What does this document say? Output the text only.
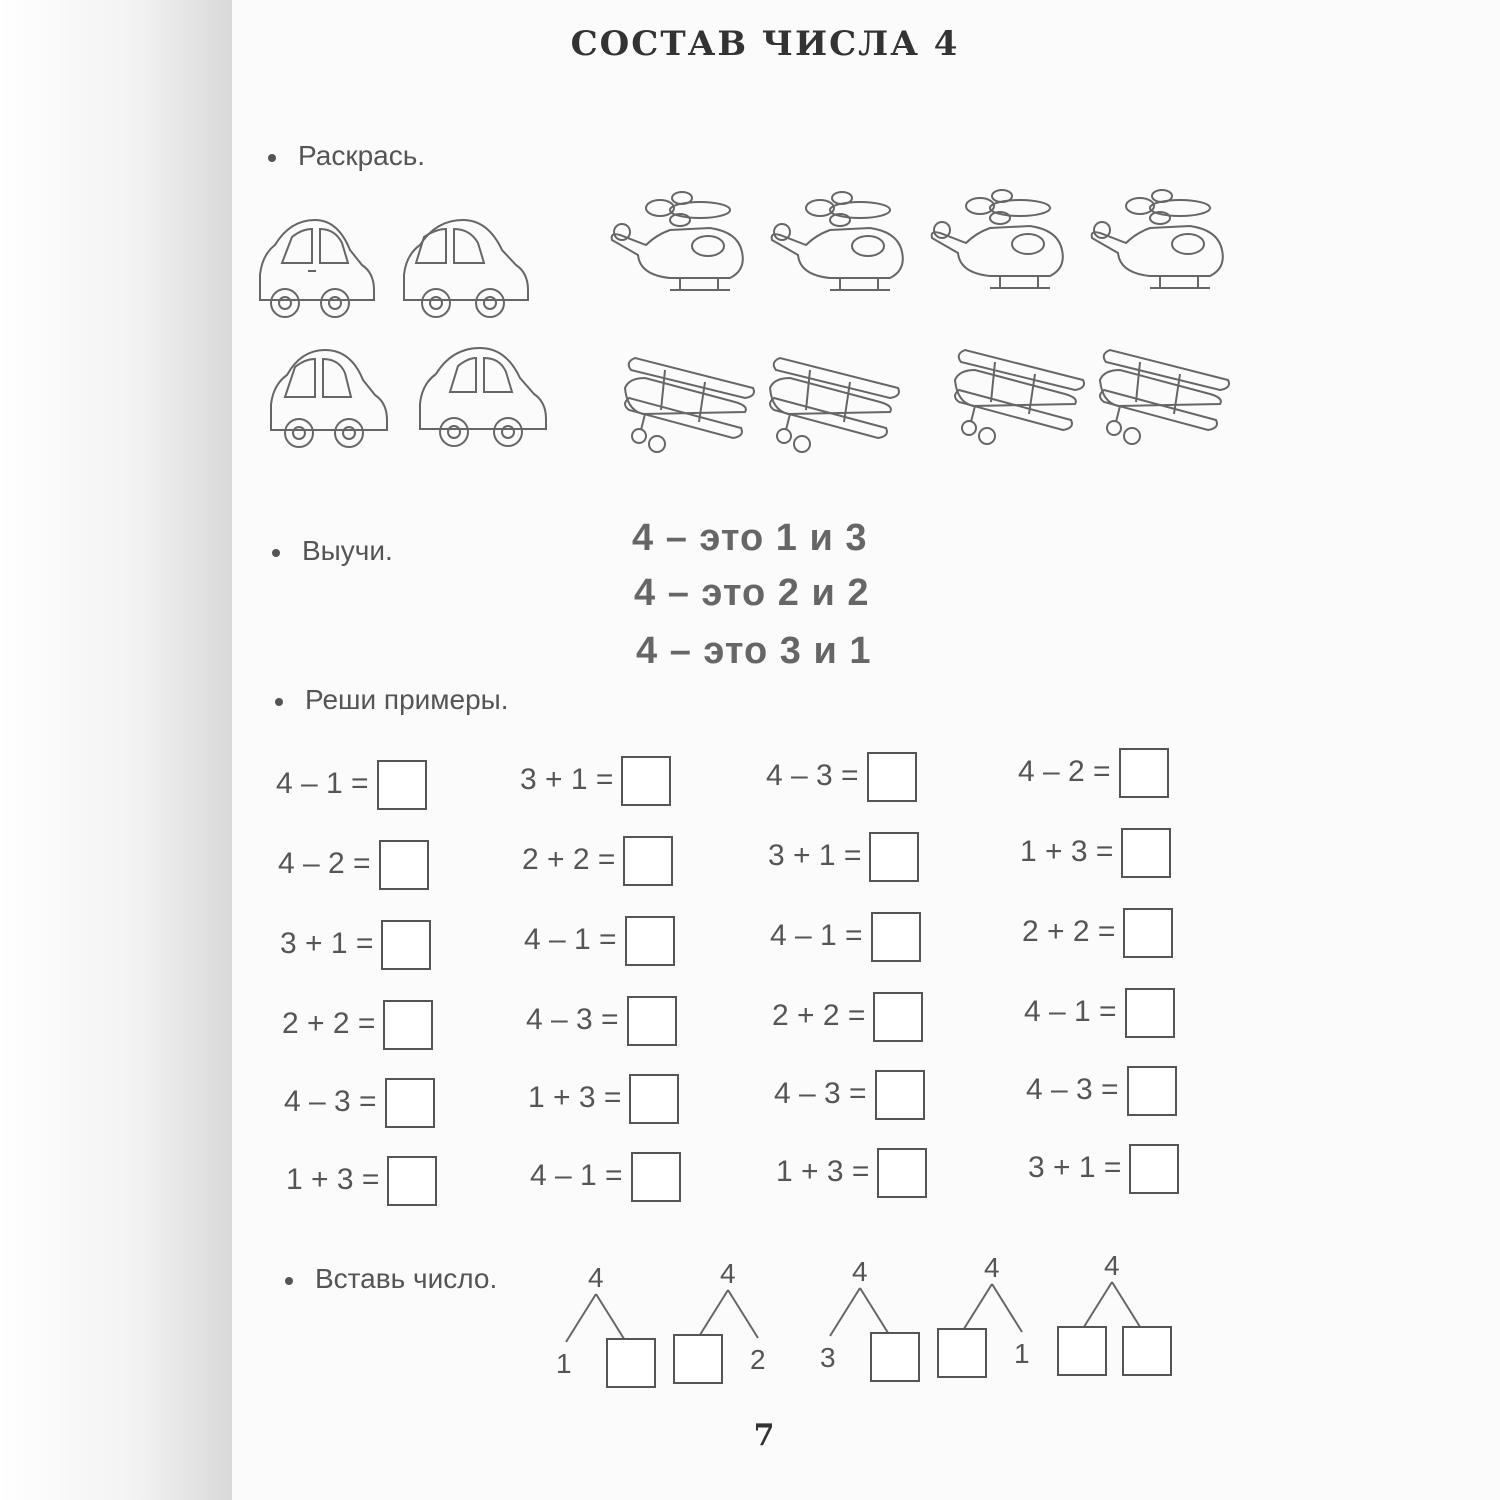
СОСТАВ ЧИСЛА 4
Раскрась.
Выучи.	4 – это 1 и 3
4 – это 2 и 2
4 – это 3 и 1
Реши примеры.
4 – 1 =	3 + 1 =	4 – 3 =	4 – 2 =
4 – 2 =	2 + 2 =	3 + 1 =	1 + 3 =
3 + 1 =	4 – 1 =	4 – 1 =	2 + 2 =
2 + 2 =	4 – 3 =	2 + 2 =	4 – 1 =
4 – 3 =	1 + 3 =	4 – 3 =	4 – 3 =
1 + 3 =	4 – 1 =	1 + 3 =	3 + 1 =
Вставь число.	4
1
4
2
4
3
4
1
4
7
